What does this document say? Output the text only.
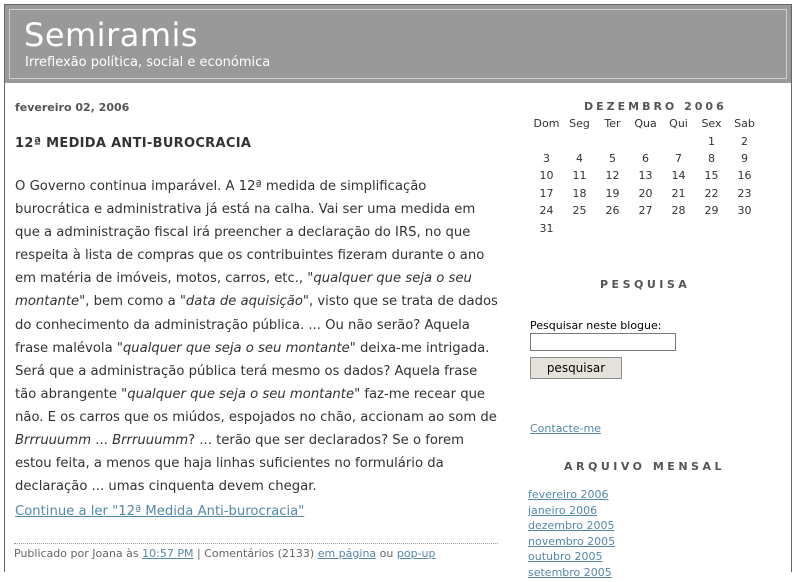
Semiramis
Irreflexão política, social e económica
fevereiro 02, 2006
12ª MEDIDA ANTI-BUROCRACIA
O Governo continua imparável. A 12ª medida de simplificação burocrática e administrativa já está na calha. Vai ser uma medida em que a administração fiscal irá preencher a declaração do IRS, no que respeita à lista de compras que os contribuintes fizeram durante o ano em matéria de imóveis, motos, carros, etc., "qualquer que seja o seu montante", bem como a "data de aquisição", visto que se trata de dados do conhecimento da administração pública. ... Ou não serão? Aquela frase malévola "qualquer que seja o seu montante" deixa-me intrigada. Será que a administração pública terá mesmo os dados? Aquela frase tão abrangente "qualquer que seja o seu montante" faz-me recear que não. E os carros que os miúdos, espojados no chão, accionam ao som de Brrruuumm ... Brrruuumm? ... terão que ser declarados? Se o forem estou feita, a menos que haja linhas suficientes no formulário da declaração ... umas cinquenta devem chegar.
Continue a ler "12ª Medida Anti-burocracia"
Publicado por Joana às 10:57 PM | Comentários (2133) em página ou pop-up
DEZEMBRO 2006
Dom	Seg	Ter	Qua	Qui	Sex	Sab
					1	2
3	4	5	6	7	8	9
10	11	12	13	14	15	16
17	18	19	20	21	22	23
24	25	26	27	28	29	30
31						
PESQUISA
Pesquisar neste blogue:
pesquisar
Contacte-me
ARQUIVO MENSAL
fevereiro 2006
janeiro 2006
dezembro 2005
novembro 2005
outubro 2005
setembro 2005
